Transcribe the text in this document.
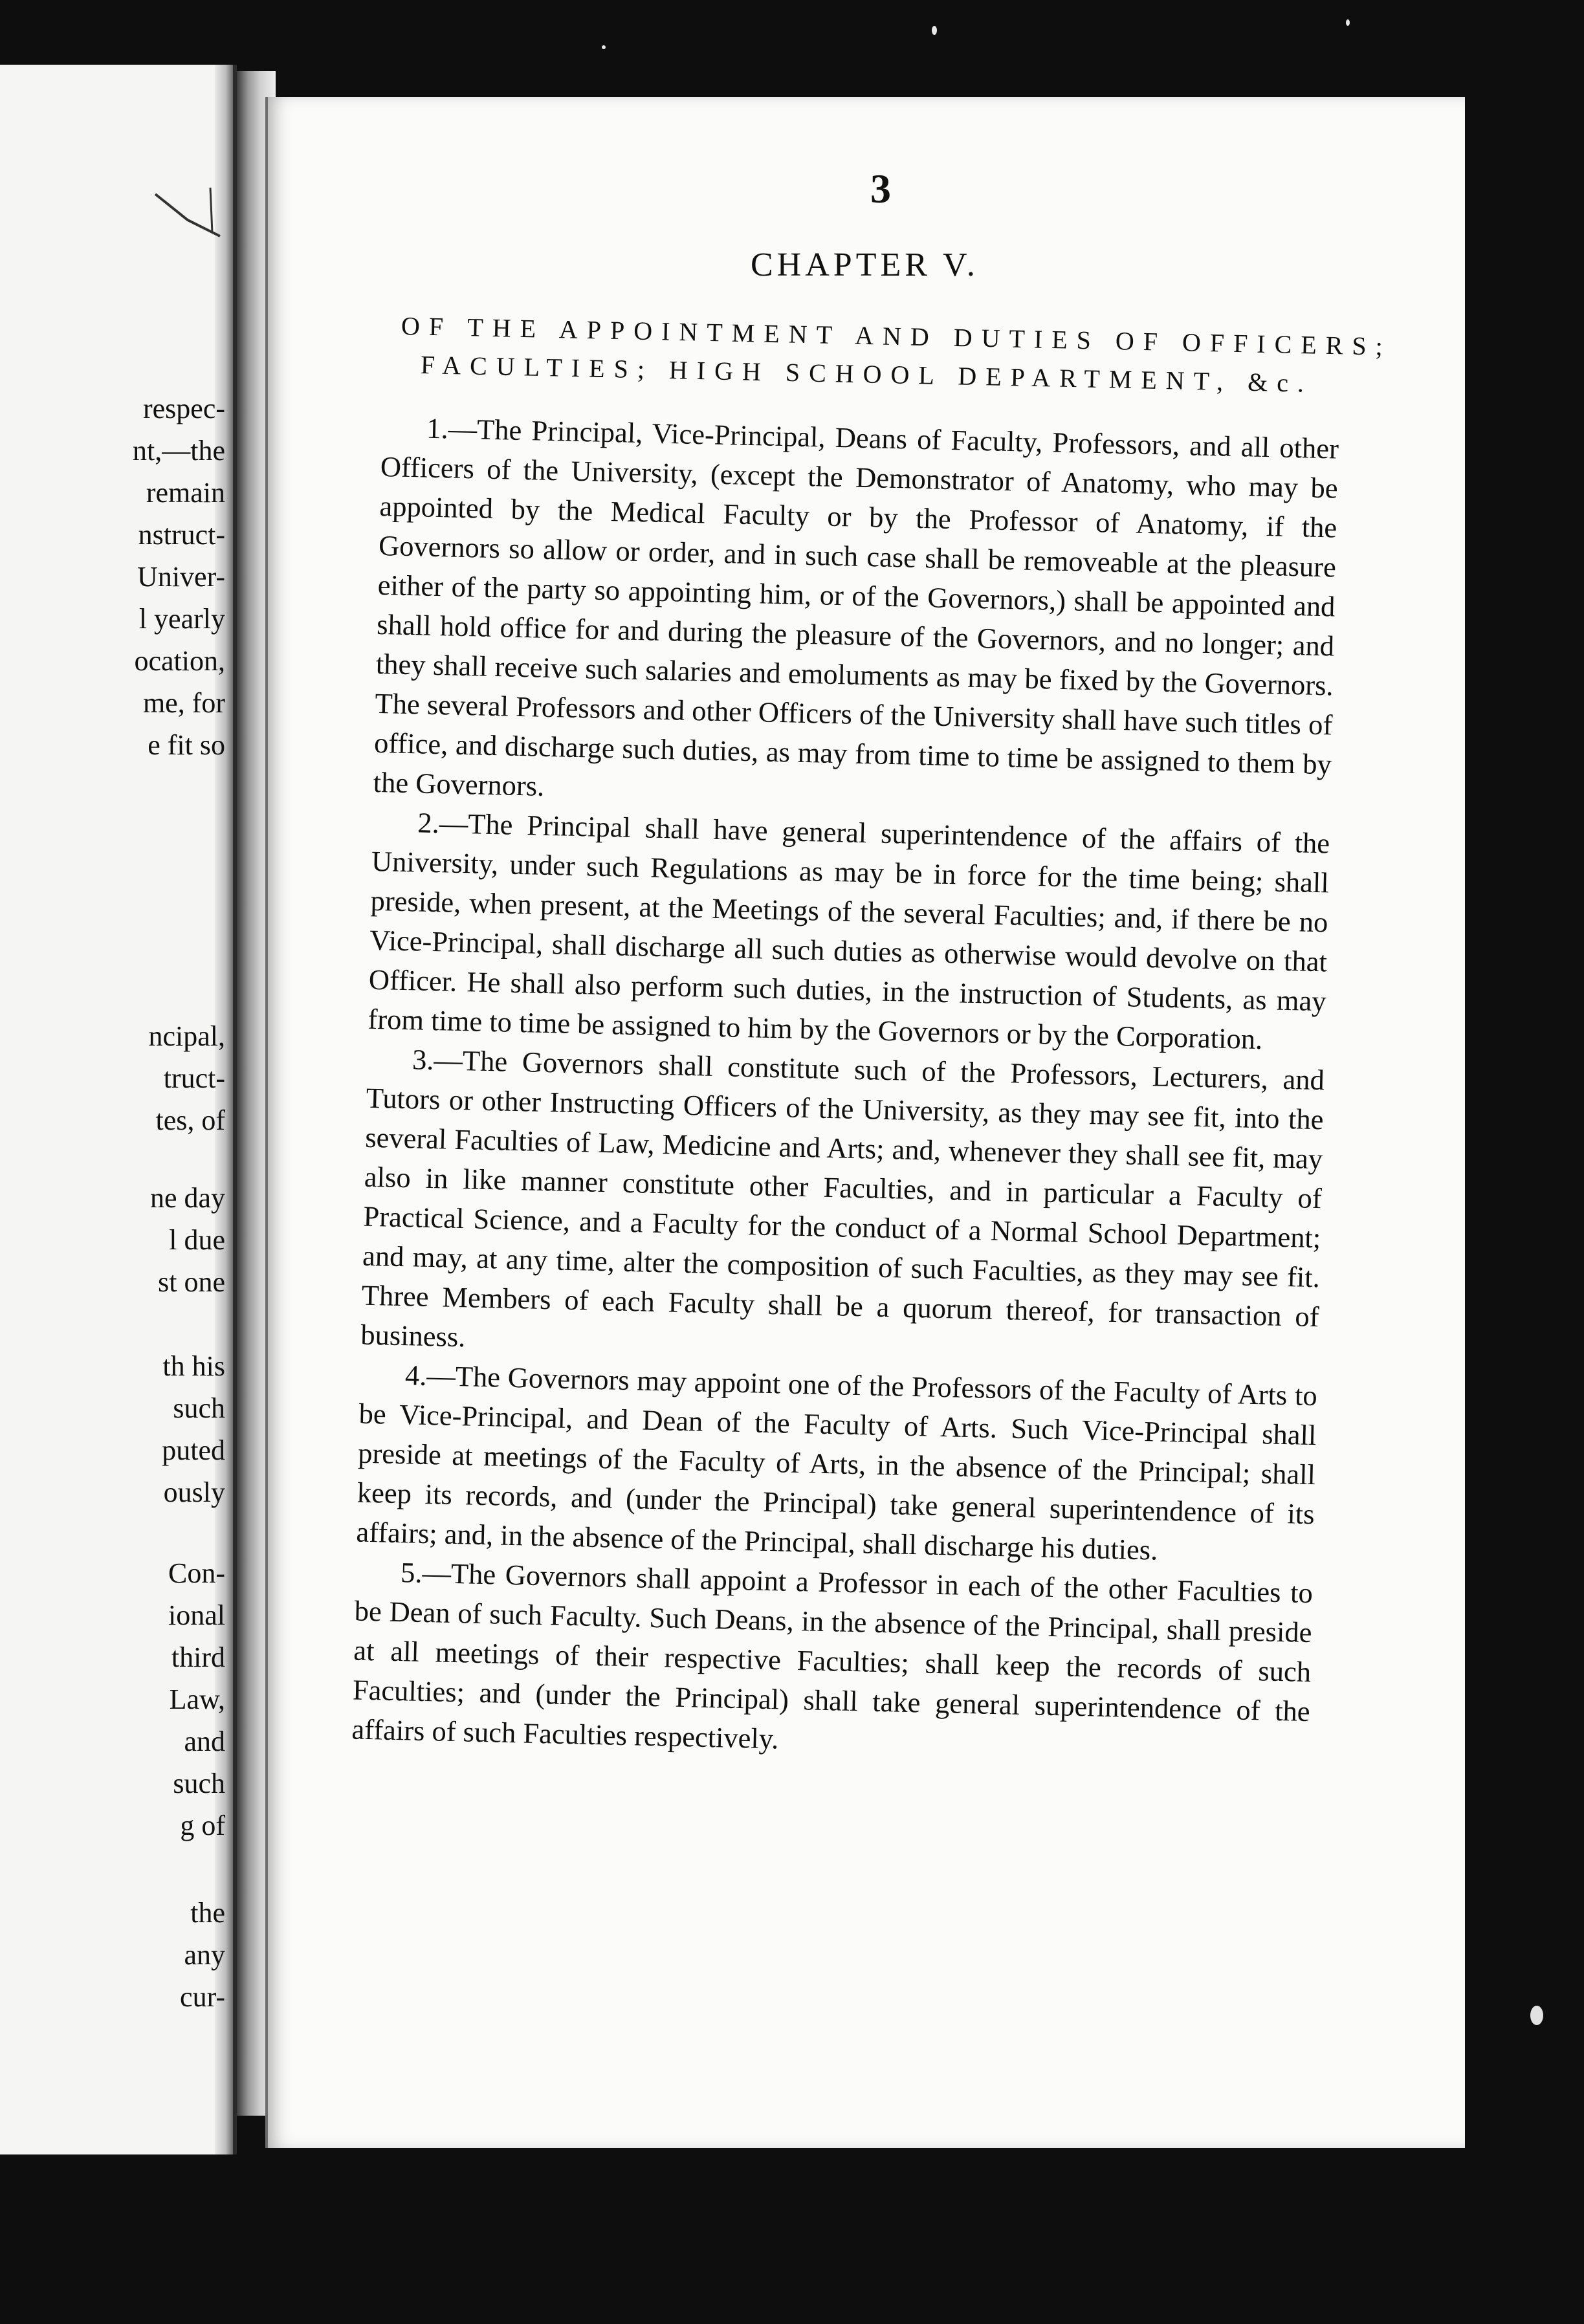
respec-
nt,—the
remain
nstruct-
Univer-
l yearly
ocation,
me, for
e fit so
ncipal,
truct-
tes, of
ne day
l due
st one
th his
such
puted
ously
Con-
ional
third
Law,
and
such
g of
the
any
cur-
3
CHAPTER V.
OF THE APPOINTMENT AND DUTIES OF OFFICERS;
FACULTIES; HIGH SCHOOL DEPARTMENT, &c.

1.—The Principal, Vice-Principal, Deans of Faculty, Professors, and all other Officers of the University, (except the Demonstrator of Anatomy, who may be appointed by the Medical Faculty or by the Professor of Anatomy, if the Governors so allow or order, and in such case shall be removeable at the pleasure either of the party so appointing him, or of the Governors,) shall be appointed and shall hold office for and during the pleasure of the Governors, and no longer; and they shall receive such salaries and emoluments as may be fixed by the Governors. The several Professors and other Officers of the University shall have such titles of office, and discharge such duties, as may from time to time be assigned to them by the Governors.

2.—The Principal shall have general superintendence of the affairs of the University, under such Regulations as may be in force for the time being; shall preside, when present, at the Meetings of the several Faculties; and, if there be no Vice-Principal, shall discharge all such duties as otherwise would devolve on that Officer. He shall also perform such duties, in the instruction of Students, as may from time to time be assigned to him by the Governors or by the Corporation.

3.—The Governors shall constitute such of the Professors, Lecturers, and Tutors or other Instructing Officers of the University, as they may see fit, into the several Faculties of Law, Medicine and Arts; and, whenever they shall see fit, may also in like manner constitute other Faculties, and in particular a Faculty of Practical Science, and a Faculty for the conduct of a Normal School Department; and may, at any time, alter the composition of such Faculties, as they may see fit. Three Members of each Faculty shall be a quorum thereof, for transaction of business.

4.—The Governors may appoint one of the Professors of the Faculty of Arts to be Vice-Principal, and Dean of the Faculty of Arts. Such Vice-Principal shall preside at meetings of the Faculty of Arts, in the absence of the Principal; shall keep its records, and (under the Principal) take general superintendence of its affairs; and, in the absence of the Principal, shall discharge his duties.

5.—The Governors shall appoint a Professor in each of the other Faculties to be Dean of such Faculty. Such Deans, in the absence of the Principal, shall preside at all meetings of their respective Faculties; shall keep the records of such Faculties; and (under the Principal) shall take general superintendence of the affairs of such Faculties respectively.
